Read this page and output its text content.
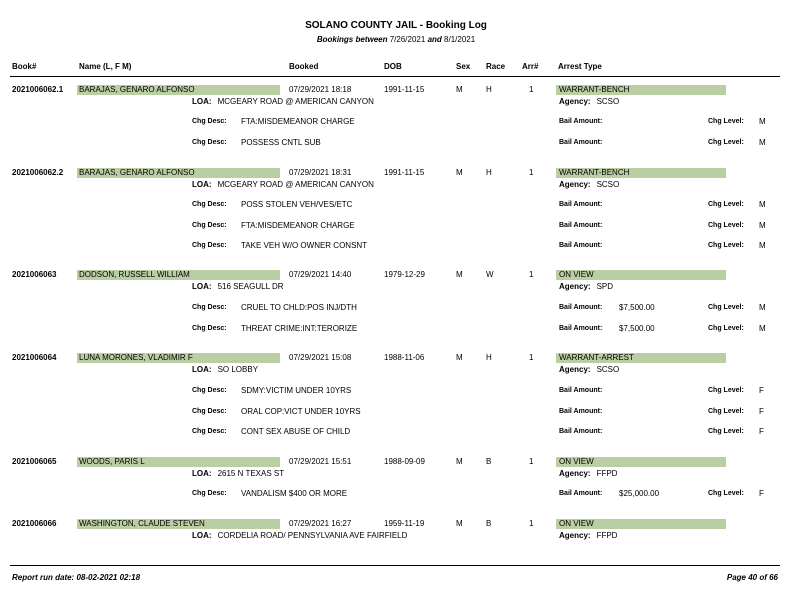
SOLANO COUNTY JAIL - Booking Log
Bookings between 7/26/2021 and 8/1/2021
Book#	Name (L, F M)	Booked	DOB	Sex Race Arr# Arrest Type
2021006062.1 BARAJAS, GENARO ALFONSO	07/29/2021 18:18	1991-11-15	M	H	1	WARRANT-BENCH
LOA: MCGEARY ROAD @ AMERICAN CANYON	Agency: SCSO
Chg Desc: FTA:MISDEMEANOR CHARGE	Bail Amount:	Chg Level: M
Chg Desc: POSSESS CNTL SUB	Bail Amount:	Chg Level: M
2021006062.2 BARAJAS, GENARO ALFONSO	07/29/2021 18:31	1991-11-15	M	H	1	WARRANT-BENCH
LOA: MCGEARY ROAD @ AMERICAN CANYON	Agency: SCSO
Chg Desc: POSS STOLEN VEH/VES/ETC	Bail Amount:	Chg Level: M
Chg Desc: FTA:MISDEMEANOR CHARGE	Bail Amount:	Chg Level: M
Chg Desc: TAKE VEH W/O OWNER CONSNT	Bail Amount:	Chg Level: M
2021006063	DODSON, RUSSELL WILLIAM	07/29/2021 14:40	1979-12-29	M	W	1	ON VIEW
LOA: 516 SEAGULL DR	Agency: SPD
Chg Desc: CRUEL TO CHLD:POS INJ/DTH	Bail Amount: $7,500.00	Chg Level: M
Chg Desc: THREAT CRIME:INT:TERORIZE	Bail Amount: $7,500.00	Chg Level: M
2021006064	LUNA MORONES, VLADIMIR F	07/29/2021 15:08	1988-11-06	M	H	1	WARRANT-ARREST
LOA: SO LOBBY	Agency: SCSO
Chg Desc: SDMY:VICTIM UNDER 10YRS	Bail Amount:	Chg Level: F
Chg Desc: ORAL COP:VICT UNDER 10YRS	Bail Amount:	Chg Level: F
Chg Desc: CONT SEX ABUSE OF CHILD	Bail Amount:	Chg Level: F
2021006065	WOODS, PARIS L	07/29/2021 15:51	1988-09-09	M	B	1	ON VIEW
LOA: 2615 N TEXAS ST	Agency: FFPD
Chg Desc: VANDALISM $400 OR MORE	Bail Amount: $25,000.00	Chg Level: F
2021006066	WASHINGTON, CLAUDE STEVEN	07/29/2021 16:27	1959-11-19	M	B	1	ON VIEW
LOA: CORDELIA ROAD/ PENNSYLVANIA AVE FAIRFIELD	Agency: FFPD
Report run date: 08-02-2021 02:18	Page 40 of 66
